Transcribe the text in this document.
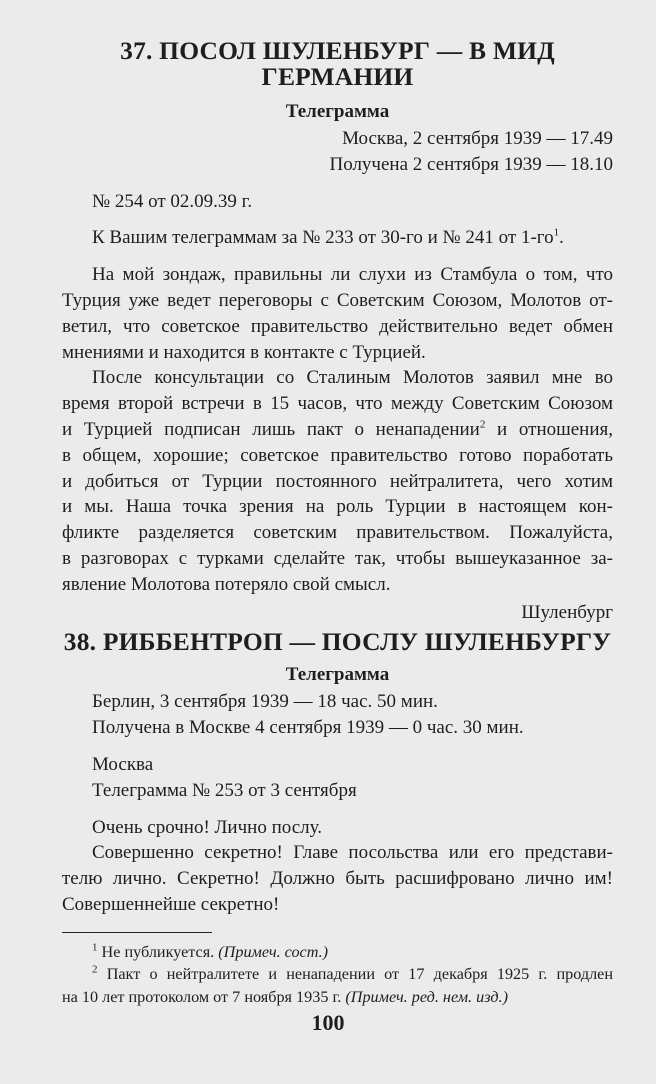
37. ПОСОЛ ШУЛЕНБУРГ — В МИД
ГЕРМАНИИ
Телеграмма
Москва, 2 сентября 1939 — 17.49
Получена 2 сентября 1939 — 18.10
№ 254 от 02.09.39 г.
К Вашим телеграммам за № 233 от 30-го и № 241 от $1-го^1$.
На мой зондаж, правильны ли слухи из Стамбула о том, что
Турция уже ведет переговоры с Советским Союзом, Молотов от-
ветил, что советское правительство действительно ведет обмен
мнениями и находится в контакте с Турцией.
После консультации со Сталиным Молотов заявил мне во
время второй встречи в 15 часов, что между Советским Союзом
и Турцией подписан лишь пакт о ненападении$^2$ и отношения,
в общем, хорошие; советское правительство готово поработать
и добиться от Турции постоянного нейтралитета, чего хотим
и мы. Наша точка зрения на роль Турции в настоящем кон-
фликте разделяется советским правительством. Пожалуйста,
в разговорах с турками сделайте так, чтобы вышеуказанное за-
явление Молотова потеряло свой смысл.
Шуленбург
38. РИББЕНТРОП — ПОСЛУ ШУЛЕНБУРГУ
Телеграмма
Берлин, 3 сентября 1939 — 18 час. 50 мин.
Получена в Москве 4 сентября 1939 — 0 час. 30 мин.
Москва
Телеграмма № 253 от 3 сентября
Очень срочно! Лично послу.
Совершенно секретно! Главе посольства или его представи-
телю лично. Секретно! Должно быть расшифровано лично им!
Совершеннейше секретно!
$^1$ Не публикуется. (Примеч. сост.)
$^2$ Пакт о нейтралитете и ненападении от 17 декабря 1925 г. продлен
на 10 лет протоколом от 7 ноября 1935 г. (Примеч. ред. нем. изд.)
100
